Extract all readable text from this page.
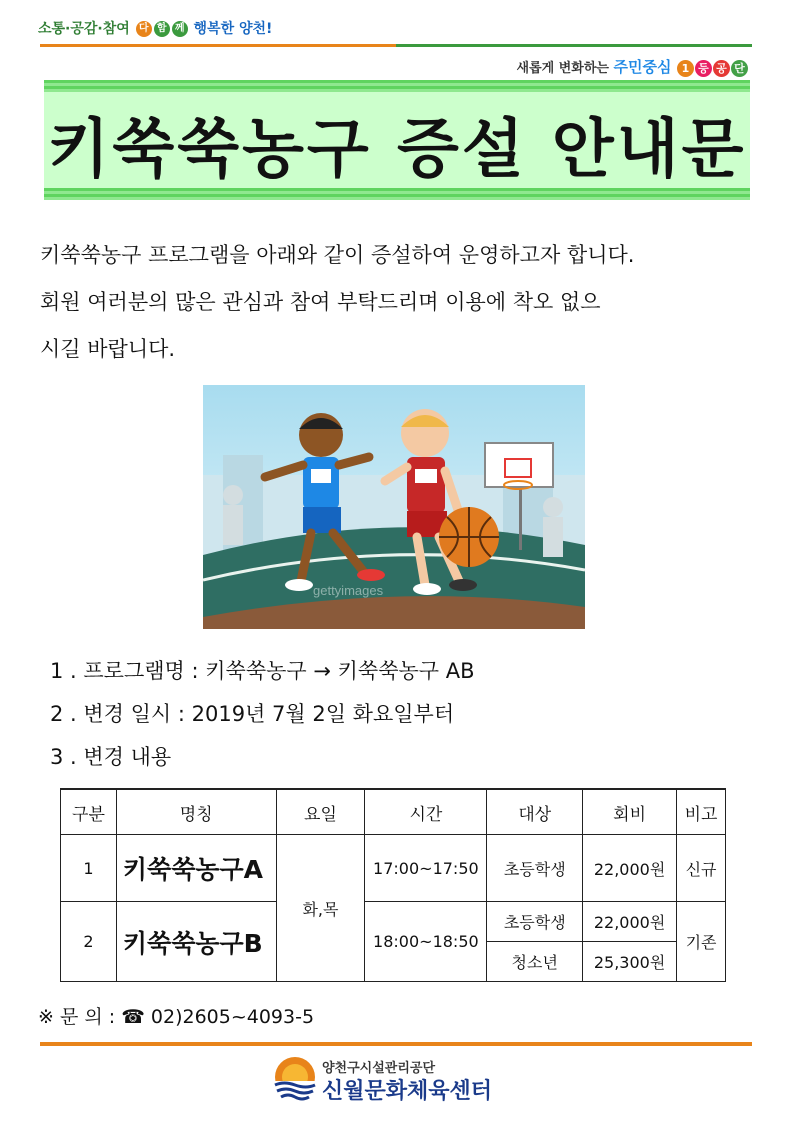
소통·공감·참여 다 함 께 행복한 양천!
새롭게 변화하는 주민중심 1 등 공 단
키쑥쑥농구 증설 안내문
키쑥쑥농구 프로그램을 아래와 같이 증설하여 운영하고자 합니다.
회원 여러분의 많은 관심과 참여 부탁드리며 이용에 착오 없으
시길 바랍니다.
gettyimages
1 . 프로그램명 : 키쑥쑥농구 → 키쑥쑥농구 AB
2 . 변경 일시 : 2019년 7월 2일 화요일부터
3 . 변경 내용
구분	명칭	요일	시간	대상	회비	비고
1	키쑥쑥농구A	화,목	17:00~17:50	초등학생	22,000원	신규
2	키쑥쑥농구B		18:00~18:50	초등학생	22,000원	기존
				청소년	25,300원	
※ 문 의 : ☎ 02)2605~4093-5
양천구시설관리공단
신월문화체육센터
